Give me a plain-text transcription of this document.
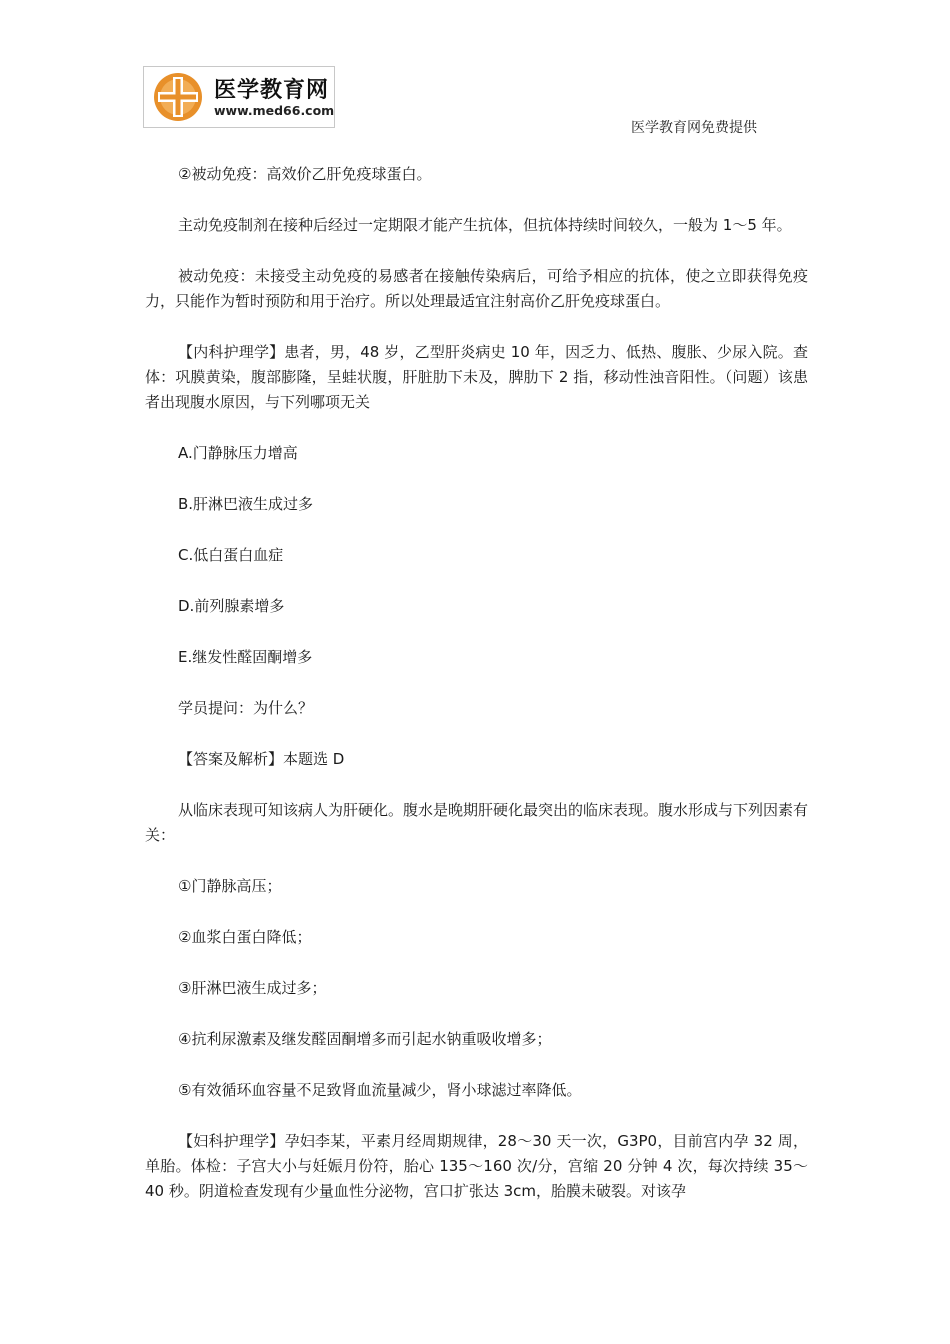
医学教育网
www.med66.com
医学教育网免费提供

②被动免疫：高效价乙肝免疫球蛋白。

主动免疫制剂在接种后经过一定期限才能产生抗体，但抗体持续时间较久，一般为 1～5 年。

被动免疫：未接受主动免疫的易感者在接触传染病后，可给予相应的抗体，使之立即获得免疫力，只能作为暂时预防和用于治疗。所以处理最适宜注射高价乙肝免疫球蛋白。

【内科护理学】患者，男，48 岁，乙型肝炎病史 10 年，因乏力、低热、腹胀、少尿入院。查体：巩膜黄染，腹部膨隆，呈蛙状腹，肝脏肋下未及，脾肋下 2 指，移动性浊音阳性。（问题）该患者出现腹水原因，与下列哪项无关

A.门静脉压力增高

B.肝淋巴液生成过多

C.低白蛋白血症

D.前列腺素增多

E.继发性醛固酮增多

学员提问：为什么？

【答案及解析】本题选 D

从临床表现可知该病人为肝硬化。腹水是晚期肝硬化最突出的临床表现。腹水形成与下列因素有关：

①门静脉高压；

②血浆白蛋白降低；

③肝淋巴液生成过多；

④抗利尿激素及继发醛固酮增多而引起水钠重吸收增多；

⑤有效循环血容量不足致肾血流量减少，肾小球滤过率降低。

【妇科护理学】孕妇李某，平素月经周期规律，28～30 天一次，G3P0，目前宫内孕 32 周，单胎。体检：子宫大小与妊娠月份符，胎心 135～160 次/分，宫缩 20 分钟 4 次，每次持续 35～40 秒。阴道检查发现有少量血性分泌物，宫口扩张达 3cm，胎膜未破裂。对该孕
